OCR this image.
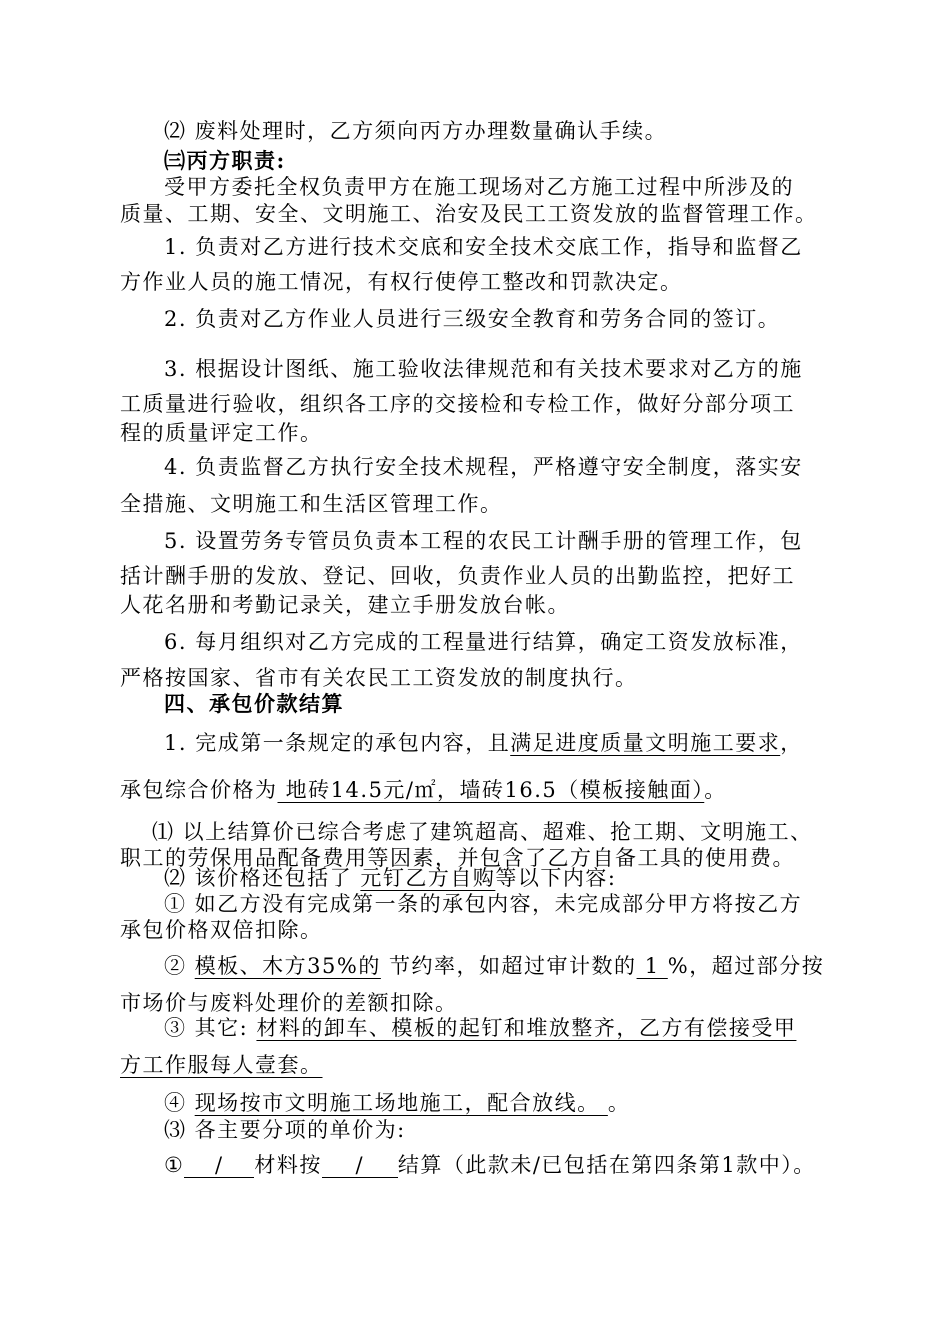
⑵ 废料处理时，乙方须向丙方办理数量确认手续。
㈢丙方职责:
受甲方委托全权负责甲方在施工现场对乙方施工过程中所涉及的
质量、工期、安全、文明施工、治安及民工工资发放的监督管理工作。
1. 负责对乙方进行技术交底和安全技术交底工作，指导和监督乙
方作业人员的施工情况，有权行使停工整改和罚款决定。
2. 负责对乙方作业人员进行三级安全教育和劳务合同的签订。
3. 根据设计图纸、施工验收法律规范和有关技术要求对乙方的施
工质量进行验收，组织各工序的交接检和专检工作，做好分部分项工
程的质量评定工作。
4. 负责监督乙方执行安全技术规程，严格遵守安全制度，落实安
全措施、文明施工和生活区管理工作。
5. 设置劳务专管员负责本工程的农民工计酬手册的管理工作，包
括计酬手册的发放、登记、回收，负责作业人员的出勤监控，把好工
人花名册和考勤记录关，建立手册发放台帐。
6. 每月组织对乙方完成的工程量进行结算，确定工资发放标准，
严格按国家、省市有关农民工工资发放的制度执行。
四、承包价款结算
1. 完成第一条规定的承包内容，且满足进度质量文明施工要求，
承包综合价格为 地砖14.5元/㎡，墙砖16.5（模板接触面）。
⑴ 以上结算价已综合考虑了建筑超高、超难、抢工期、文明施工、
职工的劳保用品配备费用等因素，并包含了乙方自备工具的使用费。
⑵ 该价格还包括了 元钉乙方自购等以下内容:
① 如乙方没有完成第一条的承包内容，未完成部分甲方将按乙方
承包价格双倍扣除。
② 模板、木方35%的 节约率，如超过审计数的 1 %，超过部分按
市场价与废料处理价的差额扣除。
③ 其它: 材料的卸车、模板的起钉和堆放整齐，乙方有偿接受甲
方工作服每人壹套。
④ 现场按市文明施工场地施工，配合放线。 。
⑶ 各主要分项的单价为:
① / 材料按 / 结算（此款未/已包括在第四条第1款中）。
